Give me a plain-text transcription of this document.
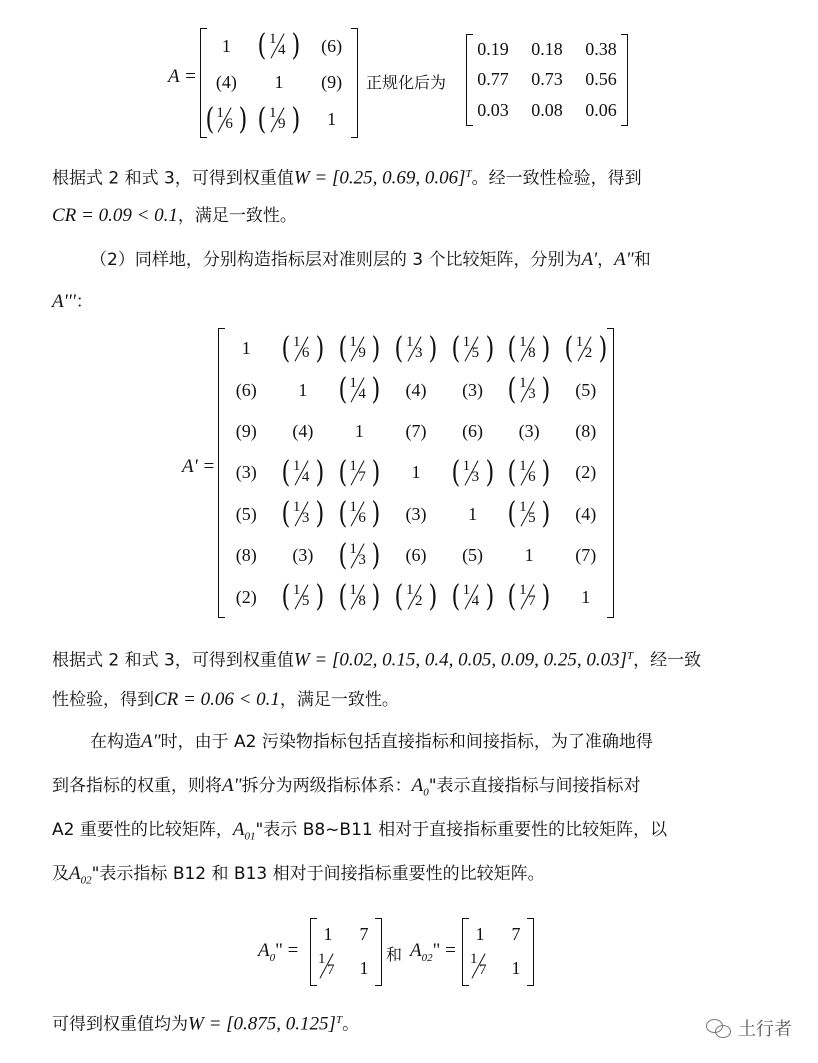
A =
1 ( 1
4 ) (6)
(4) 1 (9)
( 1
6 ) ( 1
9 ) 1
正规化后为
0.19 0.18 0.38
0.77 0.73 0.56
0.03 0.08 0.06
根据式 2 和式 3，可得到权重值W = [0.25, 0.69, 0.06]$^T$。经一致性检验，得到
CR = 0.09 < 0.1，满足一致性。
（2）同样地，分别构造指标层对准则层的 3 个比较矩阵，分别为A'，A"和
A'''：
A' =
1 ( 1
6 ) ( 1
9 ) ( 1
3 ) ( 1
5 ) ( 1
8 ) ( 1
2 )
(6) 1 ( 1
4 ) (4) (3) ( 1
3 ) (5)
(9) (4) 1 (7) (6) (3) (8)
(3) ( 1
4 ) ( 1
7 ) 1 ( 1
3 ) ( 1
6 ) (2)
(5) ( 1
3 ) ( 1
6 ) (3) 1 ( 1
5 ) (4)
(8) (3) ( 1
3 ) (6) (5) 1 (7)
(2) ( 1
5 ) ( 1
8 ) ( 1
2 ) ( 1
4 ) ( 1
7 ) 1
根据式 2 和式 3，可得到权重值W = [0.02, 0.15, 0.4, 0.05, 0.09, 0.25, 0.03]$^T$，经一致
性检验，得到CR = 0.06 < 0.1，满足一致性。
在构造A"时，由于 A2 污染物指标包括直接指标和间接指标，为了准确地得
到各指标的权重，则将A"拆分为两级指标体系：$A_0$"表示直接指标与间接指标对
A2 重要性的比较矩阵，$A_{01}$"表示 B8~B11 相对于直接指标重要性的比较矩阵，以
及$A_{02}$"表示指标 B12 和 B13 相对于间接指标重要性的比较矩阵。
$A_0$" =
1 7
1
7 1
和 $A_{02}$" =
1 7
1
7 1
可得到权重值均为W = [0.875, 0.125]$^T$。	土行者
